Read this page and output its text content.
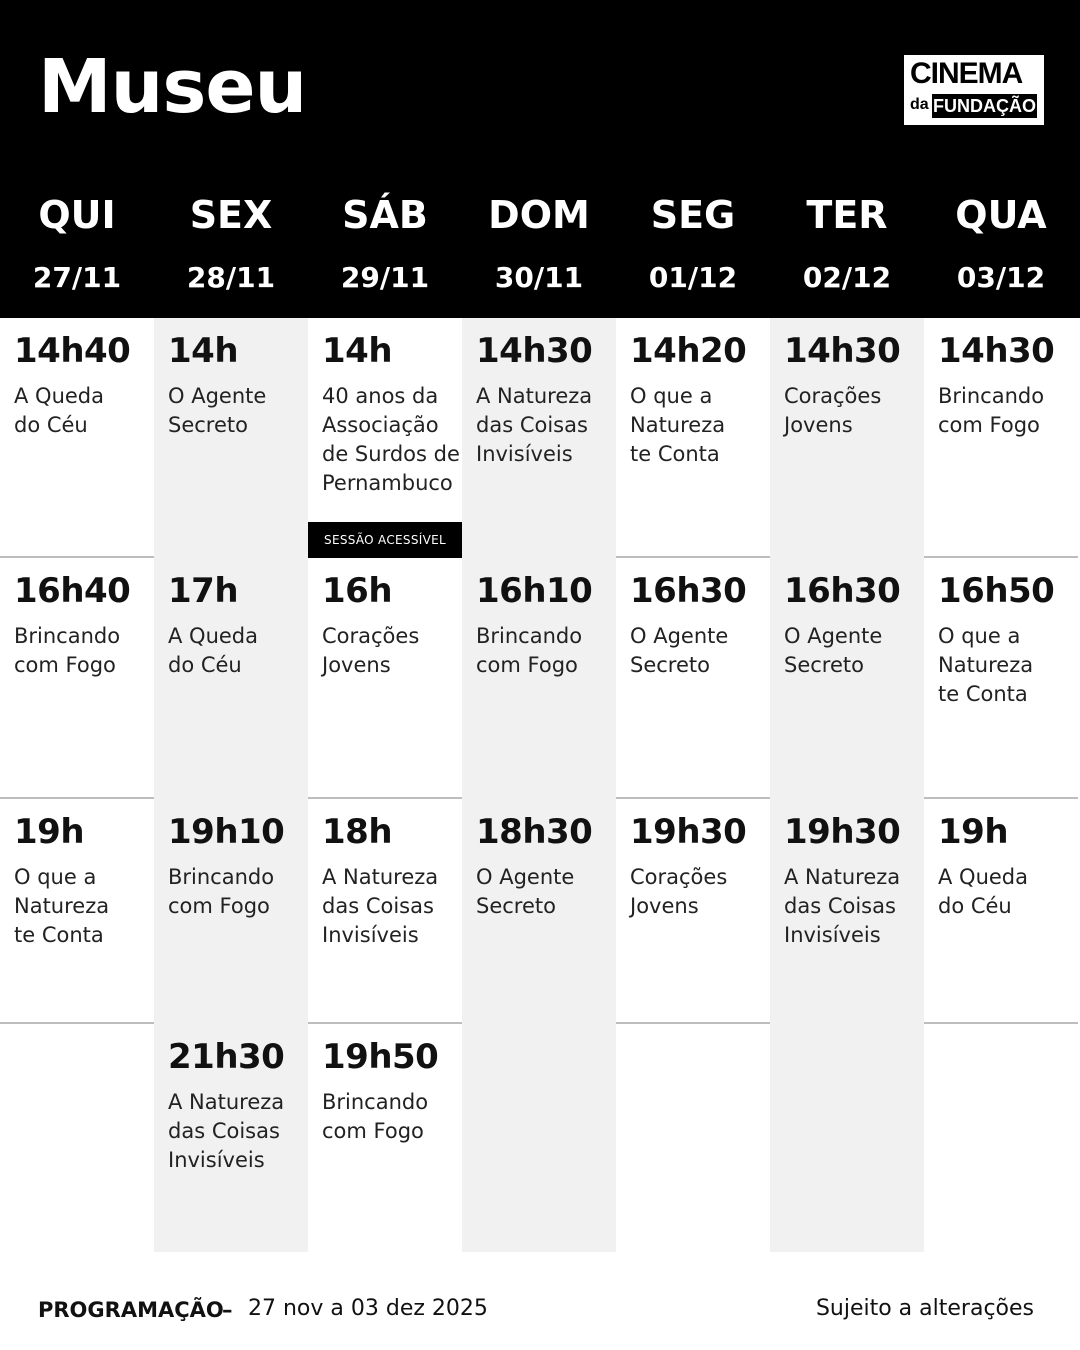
Museu	CINEMA
da FUNDAÇÃO
QUI
27/11
SEX
28/11
SÁB
29/11
DOM
30/11
SEG
01/12
TER
02/12
QUA
03/12
14h40
A Queda
do Céu
16h40
Brincando
com Fogo
19h
O que a
Natureza
te Conta
14h
O Agente
Secreto
17h
A Queda
do Céu
19h10
Brincando
com Fogo
21h30
A Natureza
das Coisas
Invisíveis
14h
40 anos da
Associação
de Surdos de
Pernambuco
SESSÃO ACESSÍVEL
16h
Corações
Jovens
18h
A Natureza
das Coisas
Invisíveis
19h50
Brincando
com Fogo
14h30
A Natureza
das Coisas
Invisíveis
16h10
Brincando
com Fogo
18h30
O Agente
Secreto
14h20
O que a
Natureza
te Conta
16h30
O Agente
Secreto
19h30
Corações
Jovens
14h30
Corações
Jovens
16h30
O Agente
Secreto
19h30
A Natureza
das Coisas
Invisíveis
14h30
Brincando
com Fogo
16h50
O que a
Natureza
te Conta
19h
A Queda
do Céu
PROGRAMAÇÃO
– 27 nov a 03 dez 2025	Sujeito a alterações
